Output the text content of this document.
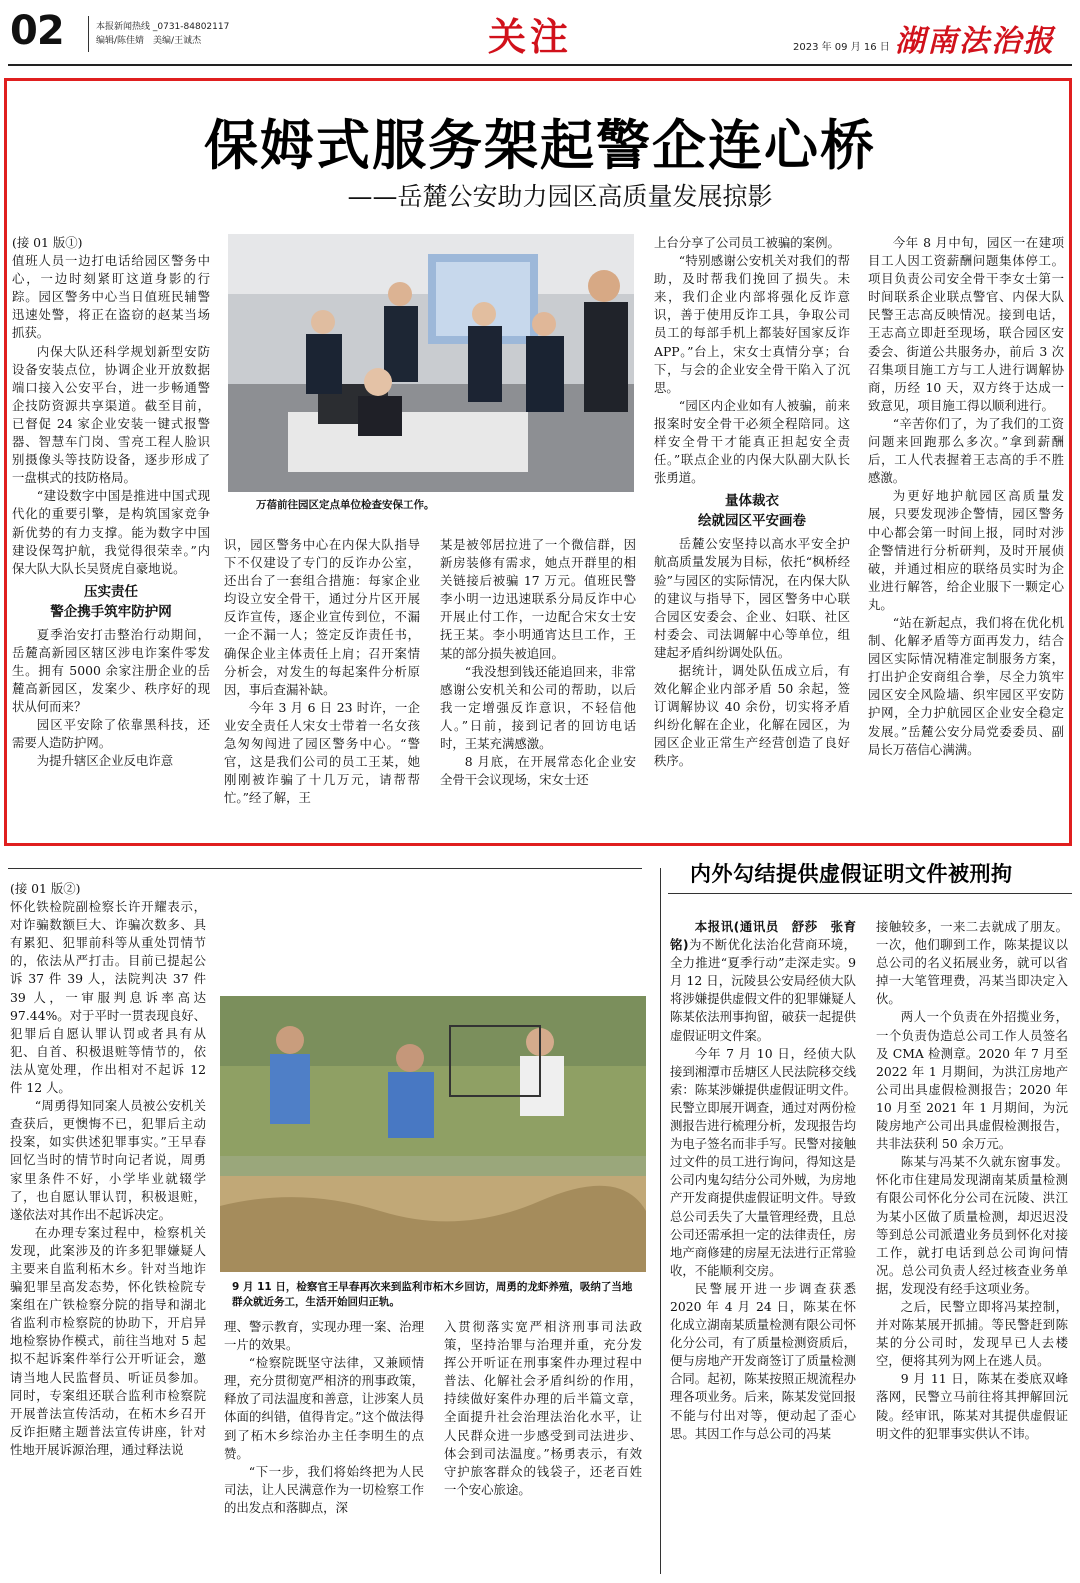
02	本报新闻热线 _0731-84802117
编辑/陈佳婧　美编/王诚杰	关注	2023 年 09 月 16 日 湖南法治报
保姆式服务架起警企连心桥
——岳麓公安助力园区高质量发展掠影

(接 01 版①)

值班人员一边打电话给园区警务中心，一边时刻紧盯这道身影的行踪。园区警务中心当日值班民辅警迅速处警，将正在盗窃的赵某当场抓获。

内保大队还科学规划新型安防设备安装点位，协调企业开放数据端口接入公安平台，进一步畅通警企技防资源共享渠道。截至目前，已督促 24 家企业安装一键式报警器、智慧车门岗、雪亮工程人脸识别摄像头等技防设备，逐步形成了一盘棋式的技防格局。

“建设数字中国是推进中国式现代化的重要引擎，是构筑国家竞争新优势的有力支撑。能为数字中国建设保驾护航，我觉得很荣幸。”内保大队大队长吴贤虎自豪地说。

压实责任
警企携手筑牢防护网

夏季治安打击整治行动期间，岳麓高新园区辖区涉电诈案件零发生。拥有 5000 余家注册企业的岳麓高新园区，发案少、秩序好的现状从何而来？

园区平安除了依靠黑科技，还需要人造防护网。

为提升辖区企业反电诈意

万蓓前往园区定点单位检查安保工作。

识，园区警务中心在内保大队指导下不仅建设了专门的反诈办公室，还出台了一套组合措施：每家企业均设立安全骨干，通过分片区开展反诈宣传，逐企业宣传到位，不漏一企不漏一人；签定反诈责任书，确保企业主体责任上肩；召开案情分析会，对发生的每起案件分析原因，事后查漏补缺。

今年 3 月 6 日 23 时许，一企业安全责任人宋女士带着一名女孩急匆匆闯进了园区警务中心。“警官，这是我们公司的员工王某，她刚刚被诈骗了十几万元，请帮帮忙。”经了解，王

某是被邻居拉进了一个微信群，因新房装修有需求，她点开群里的相关链接后被骗 17 万元。值班民警李小明一边迅速联系分局反诈中心开展止付工作，一边配合宋女士安抚王某。李小明通宵达旦工作，王某的部分损失被追回。

“我没想到钱还能追回来，非常感谢公安机关和公司的帮助，以后我一定增强反诈意识，不轻信他人。”日前，接到记者的回访电话时，王某充满感激。

8 月底，在开展常态化企业安全骨干会议现场，宋女士还

上台分享了公司员工被骗的案例。

“特别感谢公安机关对我们的帮助，及时帮我们挽回了损失。未来，我们企业内部将强化反诈意识，善于使用反诈工具，争取公司员工的每部手机上都装好国家反诈 APP。”台上，宋女士真情分享；台下，与会的企业安全骨干陷入了沉思。

“园区内企业如有人被骗，前来报案时安全骨干必须全程陪同。这样安全骨干才能真正担起安全责任。”联点企业的内保大队副大队长张勇道。

量体裁衣
绘就园区平安画卷

岳麓公安坚持以高水平安全护航高质量发展为目标，依托“枫桥经验”与园区的实际情况，在内保大队的建议与指导下，园区警务中心联合园区安委会、企业、妇联、社区村委会、司法调解中心等单位，组建起矛盾纠纷调处队伍。

据统计，调处队伍成立后，有效化解企业内部矛盾 50 余起，签订调解协议 40 余份，切实将矛盾纠纷化解在企业，化解在园区，为园区企业正常生产经营创造了良好秩序。

今年 8 月中旬，园区一在建项目工人因工资薪酬问题集体停工。项目负责公司安全骨干李女士第一时间联系企业联点警官、内保大队民警王志高反映情况。接到电话，王志高立即赶至现场，联合园区安委会、街道公共服务办，前后 3 次召集项目施工方与工人进行调解协商，历经 10 天，双方终于达成一致意见，项目施工得以顺利进行。

“辛苦你们了，为了我们的工资问题来回跑那么多次。”拿到薪酬后，工人代表握着王志高的手不胜感激。

为更好地护航园区高质量发展，只要发现涉企警情，园区警务中心都会第一时间上报，同时对涉企警情进行分析研判，及时开展侦破，并通过相应的联络员实时为企业进行解答，给企业服下一颗定心丸。

“站在新起点，我们将在优化机制、化解矛盾等方面再发力，结合园区实际情况精准定制服务方案，打出护企安商组合拳，尽全力筑牢园区安全风险墙、织牢园区平安防护网，全力护航园区企业安全稳定发展。”岳麓公安分局党委委员、副局长万蓓信心满满。

(接 01 版②)

怀化铁检院副检察长许开耀表示，对诈骗数额巨大、诈骗次数多、具有累犯、犯罪前科等从重处罚情节的，依法从严打击。目前已提起公诉 37 件 39 人，法院判决 37 件 39 人，一审服判息诉率高达 97.44%。对于平时一贯表现良好、犯罪后自愿认罪认罚或者具有从犯、自首、积极退赃等情节的，依法从宽处理，作出相对不起诉 12 件 12 人。

“周勇得知同案人员被公安机关查获后，更懊悔不已，犯罪后主动投案，如实供述犯罪事实。”王早春回忆当时的情节时向记者说，周勇家里条件不好，小学毕业就辍学了，也自愿认罪认罚，积极退赃，遂依法对其作出不起诉决定。

在办理专案过程中，检察机关发现，此案涉及的许多犯罪嫌疑人主要来自监利柘木乡。针对当地诈骗犯罪呈高发态势，怀化铁检院专案组在广铁检察分院的指导和湖北省监利市检察院的协助下，开启异地检察协作模式，前往当地对 5 起拟不起诉案件举行公开听证会，邀请当地人民监督员、听证员参加。同时，专案组还联合监利市检察院开展普法宣传活动，在柘木乡召开反诈拒赌主题普法宣传讲座，针对性地开展诉源治理，通过释法说

9 月 11 日，检察官王早春再次来到监利市柘木乡回访，周勇的龙虾养殖，吸纳了当地群众就近务工，生活开始回归正轨。

理、警示教育，实现办理一案、治理一片的效果。

“检察院既坚守法律，又兼顾情理，充分贯彻宽严相济的刑事政策，释放了司法温度和善意，让涉案人员体面的纠错，值得肯定。”这个做法得到了柘木乡综治办主任李明生的点赞。

“下一步，我们将始终把为人民司法，让人民满意作为一切检察工作的出发点和落脚点，深

入贯彻落实宽严相济刑事司法政策，坚持治罪与治理并重，充分发挥公开听证在刑事案件办理过程中普法、化解社会矛盾纠纷的作用，持续做好案件办理的后半篇文章，全面提升社会治理法治化水平，让人民群众进一步感受到司法进步、体会到司法温度。”杨勇表示，有效守护旅客群众的钱袋子，还老百姓一个安心旅途。

内外勾结提供虚假证明文件被刑拘

本报讯(通讯员　舒莎　张育铭)为不断优化法治化营商环境，全力推进“夏季行动”走深走实。9 月 12 日，沅陵县公安局经侦大队将涉嫌提供虚假文件的犯罪嫌疑人陈某依法刑事拘留，破获一起提供虚假证明文件案。

今年 7 月 10 日，经侦大队接到湘潭市岳塘区人民法院移交线索：陈某涉嫌提供虚假证明文件。民警立即展开调查，通过对两份检测报告进行梳理分析，发现报告均为电子签名而非手写。民警对接触过文件的员工进行询问，得知这是公司内鬼勾结分公司外贼，为房地产开发商提供虚假证明文件。导致总公司丢失了大量管理经费，且总公司还需承担一定的法律责任，房地产商修建的房屋无法进行正常验收，不能顺利交房。

民警展开进一步调查获悉 2020 年 4 月 24 日，陈某在怀化成立湖南某质量检测有限公司怀化分公司，有了质量检测资质后，便与房地产开发商签订了质量检测合同。起初，陈某按照正规流程办理各项业务。后来，陈某发觉回报不能与付出对等，便动起了歪心思。其因工作与总公司的冯某

接触较多，一来二去就成了朋友。一次，他们聊到工作，陈某提议以总公司的名义拓展业务，就可以省掉一大笔管理费，冯某当即决定入伙。

两人一个负责在外招揽业务，一个负责伪造总公司工作人员签名及 CMA 检测章。2020 年 7 月至 2022 年 1 月期间，为洪江房地产公司出具虚假检测报告；2020 年 10 月至 2021 年 1 月期间，为沅陵房地产公司出具虚假检测报告，共非法获利 50 余万元。

陈某与冯某不久就东窗事发。怀化市住建局发现湖南某质量检测有限公司怀化分公司在沅陵、洪江为某小区做了质量检测，却迟迟没等到总公司派遣业务员到怀化对接工作，就打电话到总公司询问情况。总公司负责人经过核查业务单据，发现没有经手这项业务。

之后，民警立即将冯某控制，并对陈某展开抓捕。等民警赶到陈某的分公司时，发现早已人去楼空，便将其列为网上在逃人员。

9 月 11 日，陈某在娄底双峰落网，民警立马前往将其押解回沅陵。经审讯，陈某对其提供虚假证明文件的犯罪事实供认不讳。
